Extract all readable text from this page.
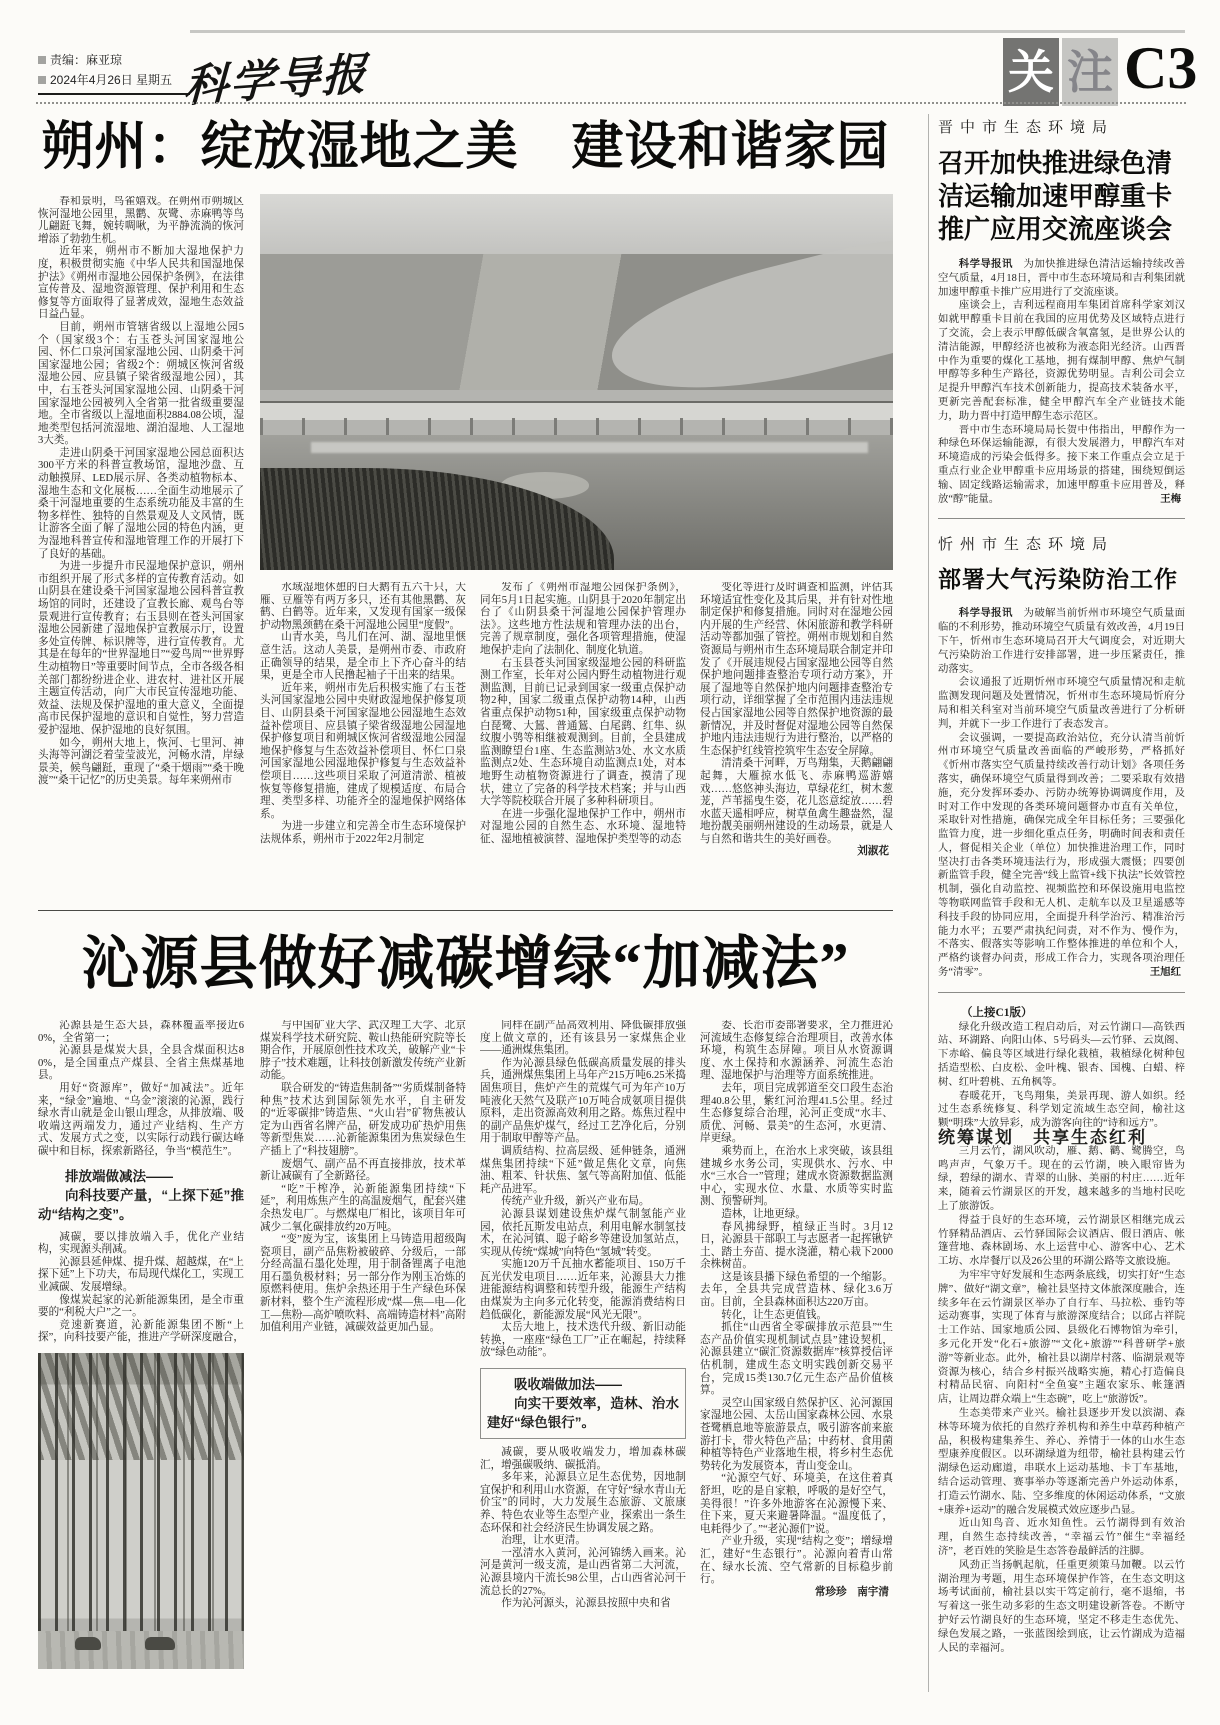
责编：麻亚琼
2024年4月26日 星期五 科学导报	关 注 C3
朔州：绽放湿地之美　建设和谐家园

春和景明，鸟雀嬉戏。在朔州市朔城区恢河湿地公园里，黑鹳、灰鹭、赤麻鸭等鸟儿翩跹飞舞，婉转啁啾，为平静流淌的恢河增添了勃勃生机。

近年来，朔州市不断加大湿地保护力度，积极贯彻实施《中华人民共和国湿地保护法》《朔州市湿地公园保护条例》，在法律宣传普及、湿地资源管理、保护利用和生态修复等方面取得了显著成效，湿地生态效益日益凸显。

目前，朔州市管辖省级以上湿地公园5个（国家级3个：右玉苍头河国家湿地公园、怀仁口泉河国家湿地公园、山阴桑干河国家湿地公园；省级2个：朔城区恢河省级湿地公园、应县镇子梁省级湿地公园），其中，右玉苍头河国家湿地公园、山阴桑干河国家湿地公园被列入全省第一批省级重要湿地。全市省级以上湿地面积2884.08公顷，湿地类型包括河流湿地、湖泊湿地、人工湿地3大类。

走进山阴桑干河国家湿地公园总面积达300平方米的科普宣教场馆，湿地沙盘、互动触摸屏、LED展示屏、各类动植物标本、湿地生态和文化展板……全面生动地展示了桑干河湿地重要的生态系统功能及丰富的生物多样性、独特的自然景观及人文风情，既让游客全面了解了湿地公园的特色内涵，更为湿地科普宣传和湿地管理工作的开展打下了良好的基础。

为进一步提升市民湿地保护意识，朔州市组织开展了形式多样的宣传教育活动。如山阴县在建设桑干河国家湿地公园科普宣教场馆的同时，还建设了宣教长廊、观鸟台等景观进行宣传教育；右玉县则在苍头河国家湿地公园新建了湿地保护宣教展示厅，设置多处宣传牌、标识牌等，进行宣传教育。尤其是在每年的“世界湿地日”“爱鸟周”“世界野生动植物日”等重要时间节点，全市各级各相关部门都纷纷进企业、进农村、进社区开展主题宣传活动，向广大市民宣传湿地功能、效益、法规及保护湿地的重大意义，全面提高市民保护湿地的意识和自觉性，努力营造爱护湿地、保护湿地的良好氛围。

如今，朔州大地上，恢河、七里河、神头海等河湖泛着莹莹波光，河畅水清，岸绿景美，候鸟翩跹，重现了“桑干烟雨”“桑干晚渡”“桑干记忆”的历史美景。每年来朔州市

水域湿地休憩的白天鹅有五六千只，大雁、豆雁等有两万多只，还有其他黑鹳、灰鹤、白鹤等。近年来，又发现有国家一级保护动物黑颈鹤在桑干河湿地公园里“度假”。

山青水美，鸟儿们在河、湖、湿地里惬意生活。这动人美景，是朔州市委、市政府正确领导的结果，是全市上下齐心奋斗的结果，更是全市人民撸起袖子干出来的结果。

近年来，朔州市先后积极实施了右玉苍头河国家湿地公园中央财政湿地保护修复项目、山阴县桑干河国家湿地公园湿地生态效益补偿项目、应县镇子梁省级湿地公园湿地保护修复项目和朔城区恢河省级湿地公园湿地保护修复与生态效益补偿项目、怀仁口泉河国家湿地公园湿地保护修复与生态效益补偿项目……这些项目采取了河道清淤、植被恢复等修复措施，建成了规模适度、布局合理、类型多样、功能齐全的湿地保护网络体系。

为进一步建立和完善全市生态环境保护法规体系，朔州市于2022年2月制定

发布了《朔州市湿地公园保护条例》，同年5月1日起实施。山阴县于2020年制定出台了《山阴县桑干河湿地公园保护管理办法》。这些地方性法规和管理办法的出台，完善了规章制度，强化各项管理措施，使湿地保护走向了法制化、制度化轨道。

右玉县苍头河国家级湿地公园的科研监测工作室，长年对公园内野生动植物进行观测监测，目前已记录到国家一级重点保护动物2种，国家二级重点保护动物14种，山西省重点保护动物51种，国家级重点保护动物白琵鹭、大鵟、普通鵟、白尾鹞、红隼、纵纹腹小鸮等相继被观测到。目前，全县建成监测瞭望台1座、生态监测站3处、水文水质监测点2处、生态环境自动监测点1处，对本地野生动植物资源进行了调查，摸清了现状，建立了完备的科学技术档案；并与山西大学等院校联合开展了多种科研项目。

在进一步强化湿地保护工作中，朔州市对湿地公园的自然生态、水环境、湿地特征、湿地植被演替、湿地保护类型等的动态

变化等进行及时调查和监测，评估其环境适宜性变化及其后果，并有针对性地制定保护和修复措施。同时对在湿地公园内开展的生产经营、休闲旅游和教学科研活动等都加强了管控。朔州市规划和自然资源局与朔州市生态环境局联合制定并印发了《开展违规侵占国家湿地公园等自然保护地问题排查整治专项行动方案》，开展了湿地等自然保护地内问题排查整治专项行动，详细掌握了全市范围内违法违规侵占国家湿地公园等自然保护地资源的最新情况，并及时督促对湿地公园等自然保护地内违法违规行为进行整治，以严格的生态保护红线管控筑牢生态安全屏障。

清清桑干河畔，万鸟翔集，天鹅翩翩起舞，大雁掠水低飞、赤麻鸭巡游嬉戏……悠悠神头海边，草绿花红，树木葱茏，芦苇摇曳生姿，花儿恣意绽放……碧水蓝天遥相呼应，树草鱼禽生趣盎然，湿地扮靓美丽朔州建设的生动场景，就是人与自然和谐共生的美好画卷。

刘淑花
沁源县做好减碳增绿“加减法”

沁源县是生态大县，森林覆盖率接近60%，全省第一；

沁源县是煤炭大县，全县含煤面积达80%，是全国重点产煤县、全省主焦煤基地县。

用好“资源库”，做好“加减法”。近年来，“绿金”遍地、“乌金”滚滚的沁源，践行绿水青山就是金山银山理念，从排放端、吸收端这两端发力，通过产业结构、生产方式、发展方式之变，以实际行动践行碳达峰碳中和目标，探索新路径，争当“模范生”。

排放端做减法——

向科技要产量，“上探下延”推动“结构之变”。

减碳，要以排放端入手，优化产业结构，实现源头削减。

沁源县延伸煤、提升煤、超越煤，在“上探下延”上下功夫，布局现代煤化工，实现工业减碳、发展增绿。

像煤炭起家的沁新能源集团，是全市重要的“利税大户”之一。

竞速新赛道，沁新能源集团不断“上探”，向科技要产能，推进产学研深度融合，

与中国矿业大学、武汉理工大学、北京煤炭科学技术研究院、鞍山热能研究院等长期合作，开展原创性技术攻关，破解产业“卡脖子”技术难题，让科技创新激发传统产业新动能。

联合研发的“铸造焦制备”“劣质煤制备特种焦”技术达到国际领先水平，自主研发的“近零碳排”铸造焦、“火山岩”矿物焦被认定为山西省名牌产品，研发成功矿热炉用焦等新型焦炭……沁新能源集团为焦炭绿色生产插上了“科技翅膀”。

废烟气、副产品不再直接排放，技术革新让减碳有了全新路径。

“吃”干榨净，沁新能源集团持续“下延”，利用炼焦产生的高温废烟气，配套兴建余热发电厂。与燃煤电厂相比，该项目年可减少二氧化碳排放约20万吨。

“变”废为宝，该集团上马铸造用超级陶瓷项目，副产品焦粉被破碎、分级后，一部分经高温石墨化处理，用于制备锂离子电池用石墨负极材料；另一部分作为刚玉冶炼的原燃料使用。焦炉余热还用于生产绿色环保新材料，整个生产流程形成“煤—焦—电—化工—焦粉—高炉喷吹料、高端铸造材料”高附加值利用产业链，减碳效益更加凸显。

同样在副产品高效利用、降低碳排放强度上做文章的，还有该县另一家煤焦企业——通洲煤焦集团。

作为沁源县绿色低碳高质量发展的排头兵，通洲煤焦集团上马年产215万吨6.25米捣固焦项目，焦炉产生的荒煤气可为年产10万吨液化天然气及联产10万吨合成氨项目提供原料，走出资源高效利用之路。炼焦过程中的副产品焦炉煤气，经过工艺净化后，分别用于制取甲醇等产品。

调质结构、拉高层级、延伸链条，通洲煤焦集团持续“下延”做足焦化文章，向焦油、粗苯、针状焦、氢气等高附加值、低能耗产品进军。

传统产业升级，新兴产业布局。

沁源县谋划建设焦炉煤气制氢能产业园，依托瓦斯发电站点，利用电解水制氢技术，在沁河镇、聪子峪乡等建设加氢站点，实现从传统“煤城”向特色“氢城”转变。

实施120万千瓦抽水蓄能项目、150万千瓦光伏发电项目……近年来，沁源县大力推进能源结构调整和转型升级，能源生产结构由煤炭为主向多元化转变，能源消费结构日趋低碳化，新能源发展“风光无限”。

太岳大地上，技术迭代升级、新旧动能转换，一座座“绿色工厂”正在崛起，持续释放“绿色动能”。

吸收端做加法——

向实干要效率，造林、治水建好“绿色银行”。

减碳，要从吸收端发力，增加森林碳汇，增强碳吸纳、碳抵消。

多年来，沁源县立足生态优势，因地制宜保护和利用山水资源，在守好“绿水青山无价宝”的同时，大力发展生态旅游、文旅康养、特色农业等生态型产业，探索出一条生态环保和社会经济民生协调发展之路。

治理，让水更清。

一泓清水入黄河，沁河锦绣入画来。沁河是黄河一级支流，是山西省第二大河流，沁源县境内干流长98公里，占山西省沁河干流总长的27%。

作为沁河源头，沁源县按照中央和省

委、长治市委部署要求，全力推进沁河流域生态修复综合治理项目，改善水体环境，构筑生态屏障。项目从水资源调度、水土保持和水源涵养、河流生态治理、湿地保护与治理等方面系统推进。

去年，项目完成郭道至交口段生态治理40.8公里，紫红河治理41.5公里。经过生态修复综合治理，沁河正变成“水丰、质优、河畅、景美”的生态河，水更清、岸更绿。

乘势而上，在治水上求突破，该县组建城乡水务公司，实现供水、污水、中水“三水合一”管理；建成水资源数据监测中心，实现水位、水量、水质等实时监测、预警研判。

造林，让地更绿。

春风拂绿野，植绿正当时。3月12日，沁源县干部职工与志愿者一起挥锹铲土、踏土夯苗、提水浇灌，精心栽下2000余株树苗。

这是该县播下绿色希望的一个缩影。去年，全县共完成营造林、绿化3.6万亩。目前，全县森林面积达220万亩。

转化，让生态更值钱。

抓住“山西省全零碳排放示范县”“生态产品价值实现机制试点县”建设契机，沁源县建立“碳汇资源数据库”核算授信评估机制，建成生态文明实践创新交易平台，完成15类130.7亿元生态产品价值核算。

灵空山国家级自然保护区、沁河源国家湿地公园、太岳山国家森林公园、水泉苍鹭栖息地等旅游景点，吸引游客前来旅游打卡，带火特色产品；中药材、食用菌种植等特色产业落地生根，将乡村生态优势转化为发展资本，青山变金山。

“沁源空气好、环境美，在这住着真舒坦，吃的是自家粮，呼吸的是好空气，美得很！”许多外地游客在沁源慢下来、住下来，夏天来避暑降温。“温度低了，电耗得少了。”“老沁源们”说。

产业升级，实现“结构之变”；增绿增汇，建好“生态银行”。沁源向着青山常在、绿水长流、空气常新的目标稳步前行。

常珍珍　南宇清
晋中市生态环境局
召开加快推进绿色清洁运输加速甲醇重卡推广应用交流座谈会

科学导报讯　为加快推进绿色清洁运输持续改善空气质量，4月18日，晋中市生态环境局和吉利集团就加速甲醇重卡推广应用进行了交流座谈。

座谈会上，吉利远程商用车集团首席科学家刘汉如就甲醇重卡目前在我国的应用优势及区域特点进行了交流，会上表示甲醇低碳含氧富氢，是世界公认的清洁能源，甲醇经济也被称为液态阳光经济。山西晋中作为重要的煤化工基地，拥有煤制甲醇、焦炉气制甲醇等多种生产路径，资源优势明显。吉利公司会立足提升甲醇汽车技术创新能力，提高技术装备水平，更新完善配套标准，健全甲醇汽车全产业链技术能力，助力晋中打造甲醇生态示范区。

晋中市生态环境局局长贺中伟指出，甲醇作为一种绿色环保运输能源，有很大发展潜力，甲醇汽车对环境造成的污染会低得多。接下来工作重点会立足于重点行业企业甲醇重卡应用场景的搭建，围绕短倒运输、固定线路运输需求，加速甲醇重卡应用普及，释放“醇”能量。	王梅
忻州市生态环境局
部署大气污染防治工作

科学导报讯　为破解当前忻州市环境空气质量面临的不利形势，推动环境空气质量有效改善，4月19日下午，忻州市生态环境局召开大气调度会，对近期大气污染防治工作进行安排部署，进一步压紧责任，推动落实。

会议通报了近期忻州市环境空气质量情况和走航监测发现问题及处置情况，忻州市生态环境局忻府分局和相关科室对当前环境空气质量改善进行了分析研判，并就下一步工作进行了表态发言。

会议强调，一要提高政治站位，充分认清当前忻州市环境空气质量改善面临的严峻形势，严格抓好《忻州市落实空气质量持续改善行动计划》各项任务落实，确保环境空气质量得到改善；二要采取有效措施，充分发挥环委办、污防办统筹协调调度作用，及时对工作中发现的各类环境问题督办市直有关单位，采取针对性措施，确保完成全年目标任务；三要强化监管力度，进一步细化重点任务，明确时间表和责任人，督促相关企业（单位）加快推进治理工作，同时坚决打击各类环境违法行为，形成强大震慑；四要创新监管手段，健全完善“线上监管+线下执法”长效管控机制，强化自动监控、视频监控和环保设施用电监控等物联网监管手段和无人机、走航车以及卫星遥感等科技手段的协同应用，全面提升科学治污、精准治污能力水平；五要严肃执纪问责，对不作为、慢作为，不落实、假落实等影响工作整体推进的单位和个人，严格约谈督办问责，形成工作合力，实现各项治理任务“清零”。	王旭红

（上接C1版）

绿化升级改造工程启动后，对云竹湖口—高铁西站、环湖路、向阳山体、5号码头—云竹驿、云岚阁、下赤峪、偏良等区域进行绿化栽植，栽植绿化树种包括造型松、白皮松、金叶槐、银杏、国槐、白蜡、梓树、红叶碧桃、五角枫等。

春暖花开，飞鸟翔集，美景再现、游人如织。经过生态系统修复、科学划定流域生态空间，榆社这颗“明珠”大放异彩，成为游客向往的“诗和远方”。

统筹谋划　共享生态红利

三月云竹，湖风吹动，雁、鹅、鹳、鹭腾空，鸟鸣声声，气象万千。现在的云竹湖，映入眼帘皆为绿，碧绿的湖水、青翠的山脉、美丽的村庄……近年来，随着云竹湖景区的开发，越来越多的当地村民吃上了旅游饭。

得益于良好的生态环境，云竹湖景区相继完成云竹驿精品酒店、云竹驿国际会议酒店、假日酒店、帐篷营地、森林剧场、水上运营中心、游客中心、艺术工坊、水岸餐厅以及26公里的环湖公路等文旅设施。

为牢牢守好发展和生态两条底线，切实打好“生态牌”、做好“湖文章”，榆社县坚持文体旅深度融合，连续多年在云竹湖景区举办了自行车、马拉松、垂钓等运动赛事，实现了体育与旅游深度结合；以邱占祥院士工作站、国家地质公园、县级化石博物馆为牵引，多元化开发“化石+旅游”“文化+旅游”“科普研学+旅游”等新业态。此外，榆社县以湖岸村落、临湖景观等资源为核心，结合乡村振兴战略实施，精心打造偏良村精品民宿、向阳村“全鱼宴”主题农家乐、帐篷酒店，让周边群众端上“生态碗”，吃上“旅游饭”。

生态美带来产业兴。榆社县逐步开发以滨湖、森林等环境为依托的自然疗养机构和养生中草药种植产品，积极构建集养生、养心、养情于一体的山水生态型康养度假区。以环湖绿道为纽带，榆社县构建云竹湖绿色运动廊道，串联水上运动基地、卡丁车基地，结合运动管理、赛事举办等逐渐完善户外运动体系，打造云竹湖水、陆、空多维度的休闲运动体系，“文旅+康养+运动”的融合发展模式效应逐步凸显。

近山知鸟音、近水知鱼性。云竹湖得到有效治理，自然生态持续改善，“幸福云竹”催生“幸福经济”，老百姓的笑脸是生态答卷最鲜活的注脚。

风劲正当扬帆起航，任重更须策马加鞭。以云竹湖治理为考题，用生态环境保护作答，在生态文明这场考试面前，榆社县以实干笃定前行，毫不退缩，书写着这一张生动多彩的生态文明建设新答卷。不断守护好云竹湖良好的生态环境，坚定不移走生态优先、绿色发展之路，一张蓝图绘到底，让云竹湖成为造福人民的幸福河。
